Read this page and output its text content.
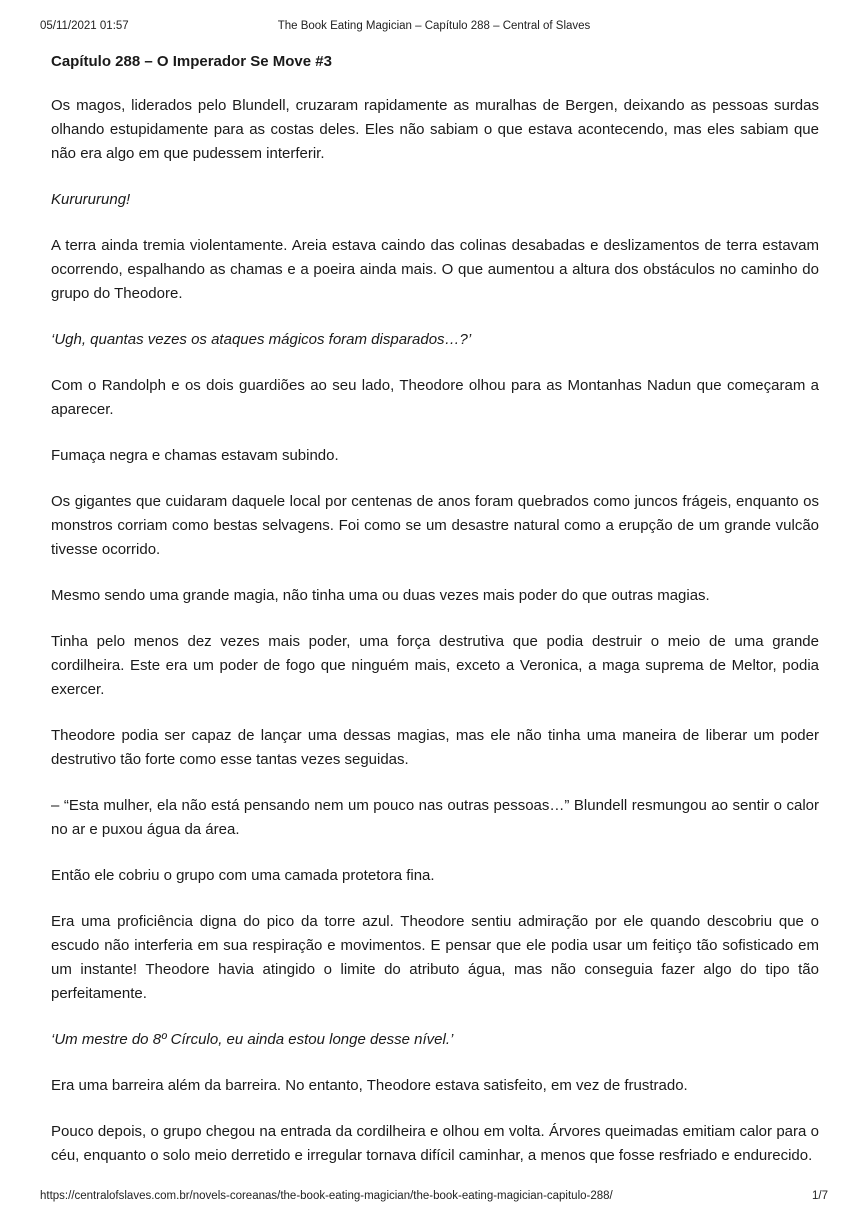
05/11/2021 01:57	The Book Eating Magician – Capítulo 288 – Central of Slaves

Capítulo 288 – O Imperador Se Move #3

Os magos, liderados pelo Blundell, cruzaram rapidamente as muralhas de Bergen, deixando as pessoas surdas olhando estupidamente para as costas deles. Eles não sabiam o que estava acontecendo, mas eles sabiam que não era algo em que pudessem interferir.

Kurururung!

A terra ainda tremia violentamente. Areia estava caindo das colinas desabadas e deslizamentos de terra estavam ocorrendo, espalhando as chamas e a poeira ainda mais. O que aumentou a altura dos obstáculos no caminho do grupo do Theodore.

‘Ugh, quantas vezes os ataques mágicos foram disparados…?’

Com o Randolph e os dois guardiões ao seu lado, Theodore olhou para as Montanhas Nadun que começaram a aparecer.

Fumaça negra e chamas estavam subindo.

Os gigantes que cuidaram daquele local por centenas de anos foram quebrados como juncos frágeis, enquanto os monstros corriam como bestas selvagens. Foi como se um desastre natural como a erupção de um grande vulcão tivesse ocorrido.

Mesmo sendo uma grande magia, não tinha uma ou duas vezes mais poder do que outras magias.

Tinha pelo menos dez vezes mais poder, uma força destrutiva que podia destruir o meio de uma grande cordilheira. Este era um poder de fogo que ninguém mais, exceto a Veronica, a maga suprema de Meltor, podia exercer.

Theodore podia ser capaz de lançar uma dessas magias, mas ele não tinha uma maneira de liberar um poder destrutivo tão forte como esse tantas vezes seguidas.

– “Esta mulher, ela não está pensando nem um pouco nas outras pessoas…” Blundell resmungou ao sentir o calor no ar e puxou água da área.

Então ele cobriu o grupo com uma camada protetora fina.

Era uma proficiência digna do pico da torre azul. Theodore sentiu admiração por ele quando descobriu que o escudo não interferia em sua respiração e movimentos. E pensar que ele podia usar um feitiço tão sofisticado em um instante! Theodore havia atingido o limite do atributo água, mas não conseguia fazer algo do tipo tão perfeitamente.

‘Um mestre do 8º Círculo, eu ainda estou longe desse nível.’

Era uma barreira além da barreira. No entanto, Theodore estava satisfeito, em vez de frustrado.

Pouco depois, o grupo chegou na entrada da cordilheira e olhou em volta. Árvores queimadas emitiam calor para o céu, enquanto o solo meio derretido e irregular tornava difícil caminhar, a menos que fosse resfriado e endurecido.

https://centralofslaves.com.br/novels-coreanas/the-book-eating-magician/the-book-eating-magician-capitulo-288/	1/7
